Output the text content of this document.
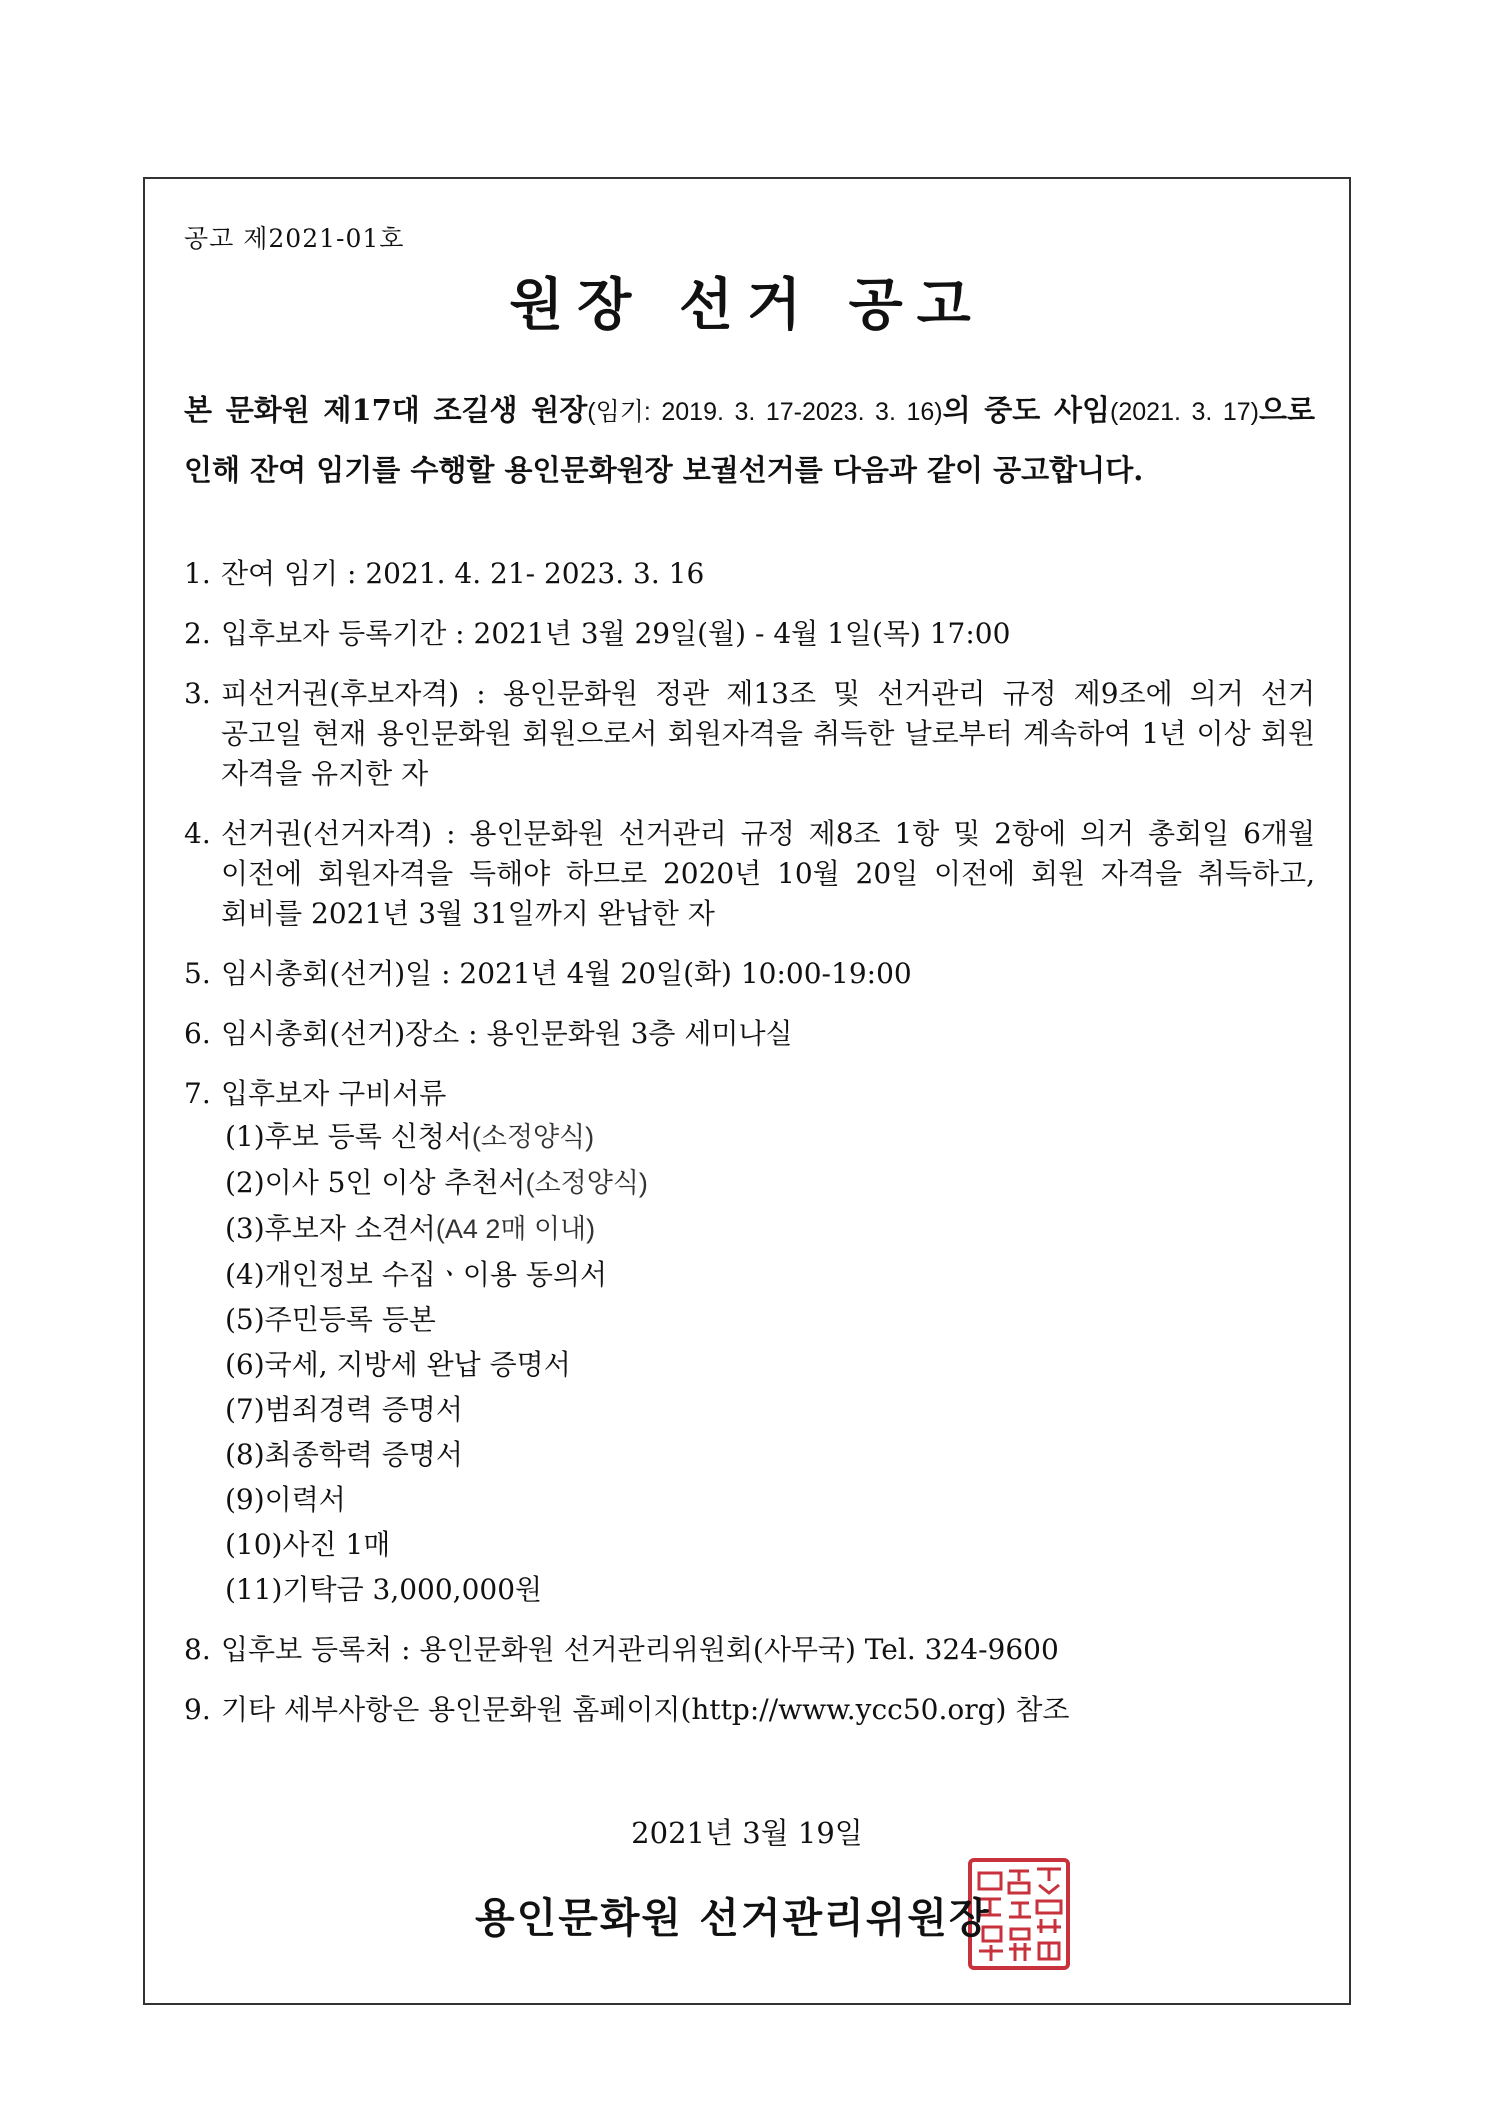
공고 제2021-01호
원장 선거 공고
본 문화원 제17대 조길생 원장(임기: 2019. 3. 17-2023. 3. 16)의 중도 사임(2021. 3. 17)으로 인해 잔여 임기를 수행할 용인문화원장 보궐선거를 다음과 같이 공고합니다.
1. 잔여 임기 : 2021. 4. 21- 2023. 3. 16
2. 입후보자 등록기간 : 2021년 3월 29일(월) - 4월 1일(목) 17:00
3. 피선거권(후보자격) : 용인문화원 정관 제13조 및 선거관리 규정 제9조에 의거 선거 공고일 현재 용인문화원 회원으로서 회원자격을 취득한 날로부터 계속하여 1년 이상 회원 자격을 유지한 자
4. 선거권(선거자격) : 용인문화원 선거관리 규정 제8조 1항 및 2항에 의거 총회일 6개월 이전에 회원자격을 득해야 하므로 2020년 10월 20일 이전에 회원 자격을 취득하고, 회비를 2021년 3월 31일까지 완납한 자
5. 임시총회(선거)일 : 2021년 4월 20일(화) 10:00-19:00
6. 임시총회(선거)장소 : 용인문화원 3층 세미나실
7. 입후보자 구비서류
(1)후보 등록 신청서(소정양식)
(2)이사 5인 이상 추천서(소정양식)
(3)후보자 소견서(A4 2매 이내)
(4)개인정보 수집ㆍ이용 동의서
(5)주민등록 등본
(6)국세, 지방세 완납 증명서
(7)범죄경력 증명서
(8)최종학력 증명서
(9)이력서
(10)사진 1매
(11)기탁금 3,000,000원
8. 입후보 등록처 : 용인문화원 선거관리위원회(사무국) Tel. 324-9600
9. 기타 세부사항은 용인문화원 홈페이지(http://www.ycc50.org) 참조
2021년 3월 19일
용인문화원 선거관리위원장
